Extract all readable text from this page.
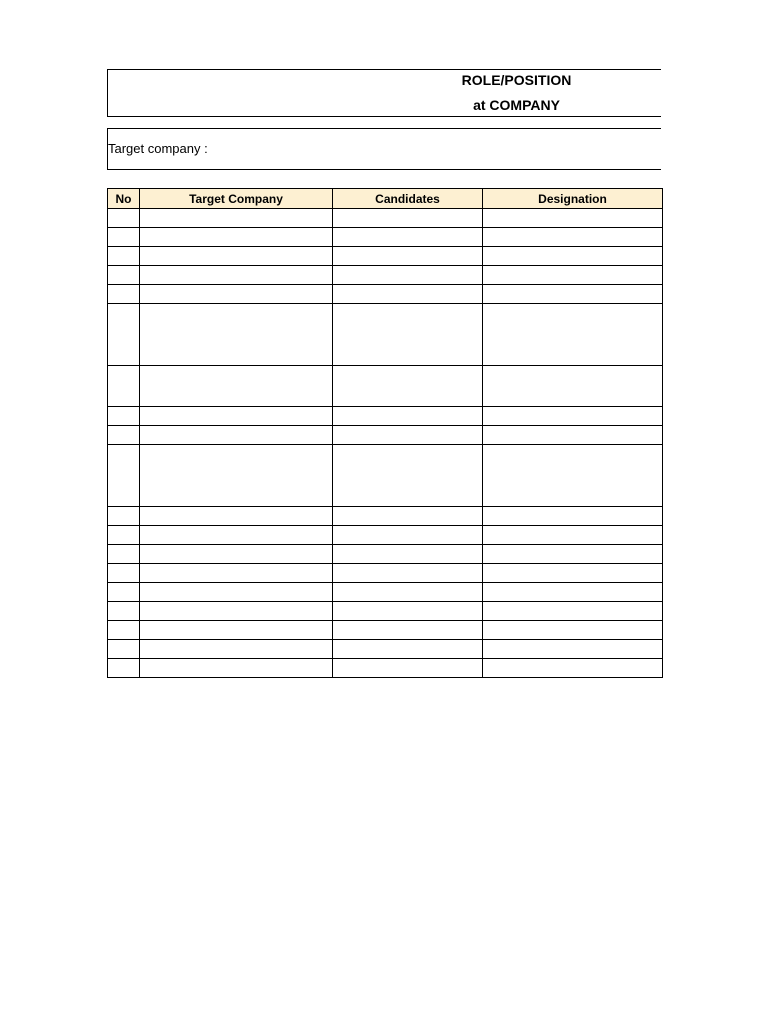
ROLE/POSITION
at COMPANY
Target company :
No	Target Company	Candidates	Designation
